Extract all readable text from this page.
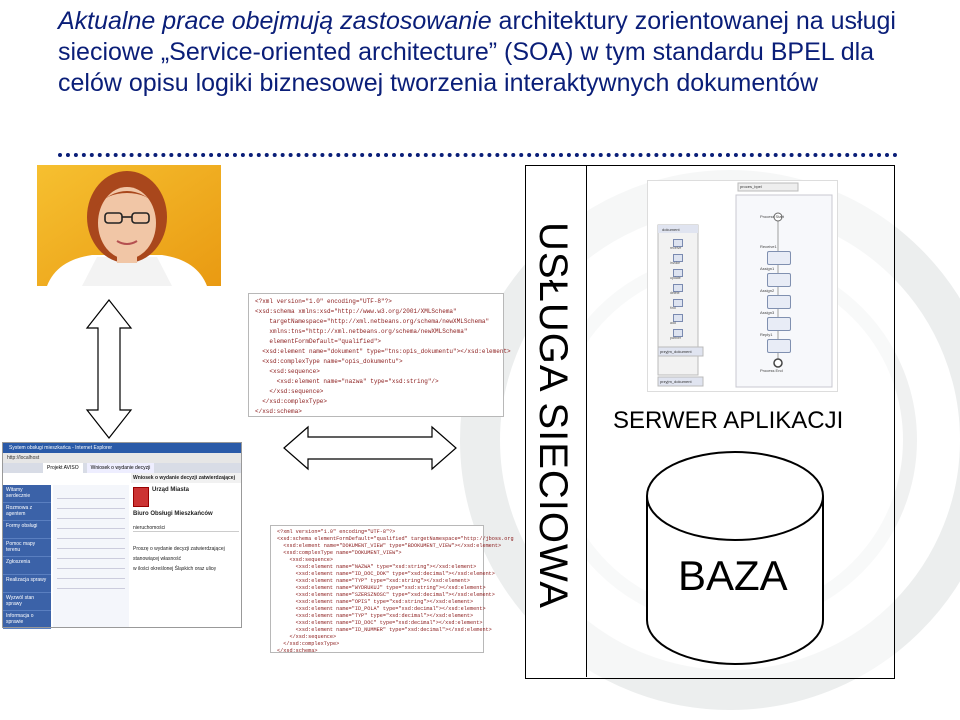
Aktualne prace obejmują zastosowanie architektury zorientowanej na usługi sieciowe „Service-oriented architecture” (SOA) w tym standardu BPEL dla celów opisu logiki biznesowej tworzenia interaktywnych dokumentów
<?xml version="1.0" encoding="UTF-8"?>
<xsd:schema xmlns:xsd="http://www.w3.org/2001/XMLSchema"
targetNamespace="http://xml.netbeans.org/schema/newXMLSchema"
xmlns:tns="http://xml.netbeans.org/schema/newXMLSchema"
elementFormDefault="qualified">
<xsd:element name="dokument" type="tns:opis_dokumentu"></xsd:element>
<xsd:complexType name="opis_dokumentu">
<xsd:sequence>
<xsd:element name="nazwa" type="xsd:string"/>
</xsd:sequence>
</xsd:complexType>
</xsd:schema>
System obsługi mieszkańca - Internet Explorer
http://localhost
Projekt AVISO	Wniosek o wydanie decyzji
Witamy serdecznie
Rozmowa z agentem
Formy obsługi
Pomoc mapy terenu
Zgłoszenia
Realizacja sprawy
Wyzwól stan sprawy
Informacja o sprawie
Wniosek o wydanie decyzji zatwierdzającej
Urząd Miasta
Biuro Obsługi Mieszkańców
nieruchomości
Proszę o wydanie decyzji zatwierdzającej
stanowiącej własność
w ilości określonej Śląskich oraz ulicę
<?xml version="1.0" encoding="UTF-8"?>
<xsd:schema elementFormDefault="qualified" targetNamespace="http://jboss.org
<xsd:element name="DOKUMENT_VIEW" type="BDOKUMENT_VIEW"></xsd:element>
<xsd:complexType name="DOKUMENT_VIEW">
<xsd:sequence>
<xsd:element name="NAZWA" type="xsd:string"></xsd:element>
<xsd:element name="ID_DOC_DOK" type="xsd:decimal"></xsd:element>
<xsd:element name="TYP" type="xsd:string"></xsd:element>
<xsd:element name="WYDRUKUJ" type="xsd:string"></xsd:element>
<xsd:element name="SZERSZNOSC" type="xsd:decimal"></xsd:element>
<xsd:element name="OPIS" type="xsd:string"></xsd:element>
<xsd:element name="ID_POLA" type="xsd:decimal"></xsd:element>
<xsd:element name="TYP" type="xsd:decimal"></xsd:element>
<xsd:element name="ID_DOC" type="xsd:decimal"></xsd:element>
<xsd:element name="ID_NUMMER" type="xsd:decimal"></xsd:element>
</xsd:sequence>
</xsd:complexType>
</xsd:schema>
USŁUGA SIECIOWA
Process Start
Receive1
Assign1
Assign2
Assign3
Reply1
Process End
receive
invoke
update
delete
find
add
partner
proces_bpel
dokument
przyjm_dokument
przyjm_dokument
SERWER APLIKACJI
BAZA
